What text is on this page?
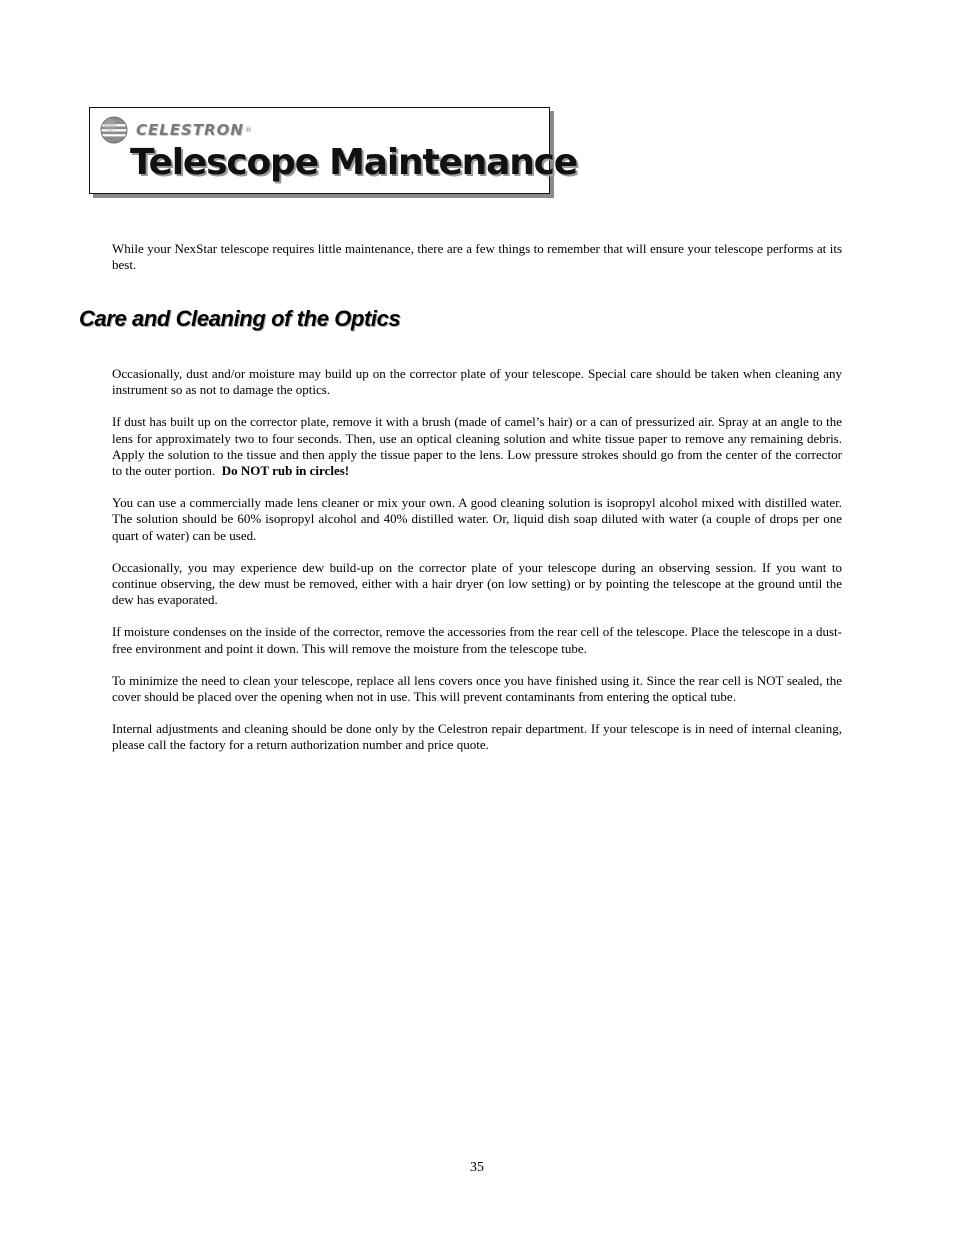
CELESTRON ®
Telescope Maintenance

While your NexStar telescope requires little maintenance, there are a few things to remember that will ensure your telescope performs at its best.

Care and Cleaning of the Optics

Occasionally, dust and/or moisture may build up on the corrector plate of your telescope. Special care should be taken when cleaning any instrument so as not to damage the optics.

If dust has built up on the corrector plate, remove it with a brush (made of camel’s hair) or a can of pressurized air. Spray at an angle to the lens for approximately two to four seconds. Then, use an optical cleaning solution and white tissue paper to remove any remaining debris. Apply the solution to the tissue and then apply the tissue paper to the lens. Low pressure strokes should go from the center of the corrector to the outer portion. Do NOT rub in circles!

You can use a commercially made lens cleaner or mix your own. A good cleaning solution is isopropyl alcohol mixed with distilled water. The solution should be 60% isopropyl alcohol and 40% distilled water. Or, liquid dish soap diluted with water (a couple of drops per one quart of water) can be used.

Occasionally, you may experience dew build-up on the corrector plate of your telescope during an observing session. If you want to continue observing, the dew must be removed, either with a hair dryer (on low setting) or by pointing the telescope at the ground until the dew has evaporated.

If moisture condenses on the inside of the corrector, remove the accessories from the rear cell of the telescope. Place the telescope in a dust-free environment and point it down. This will remove the moisture from the telescope tube.

To minimize the need to clean your telescope, replace all lens covers once you have finished using it. Since the rear cell is NOT sealed, the cover should be placed over the opening when not in use. This will prevent contaminants from entering the optical tube.

Internal adjustments and cleaning should be done only by the Celestron repair department. If your telescope is in need of internal cleaning, please call the factory for a return authorization number and price quote.

35
